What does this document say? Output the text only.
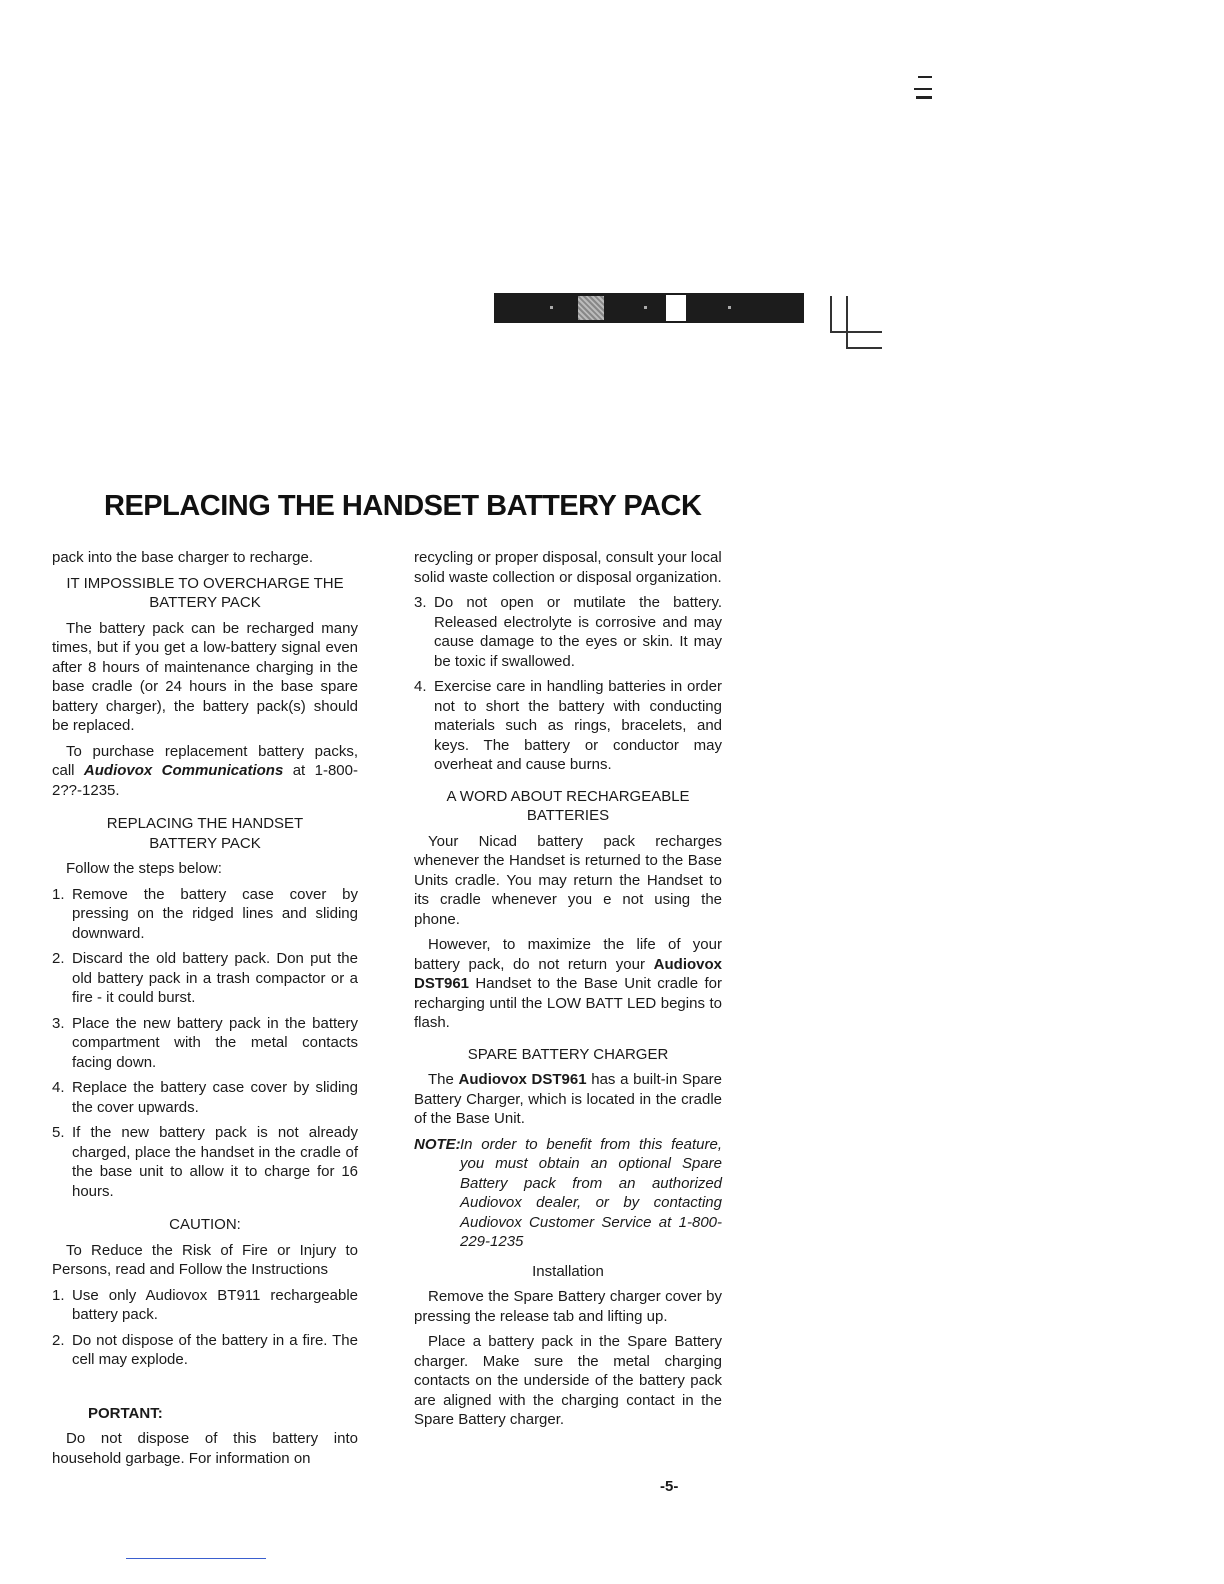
REPLACING THE HANDSET BATTERY PACK

pack into the base charger to recharge.

IT IMPOSSIBLE TO OVERCHARGE THE BATTERY PACK

The battery pack can be recharged many times, but if you get a low-battery signal even after 8 hours of maintenance charging in the base cradle (or 24 hours in the base spare battery charger), the battery pack(s) should be replaced.

To purchase replacement battery packs, call Audiovox Communications at 1-800-2??-1235.

REPLACING THE HANDSET BATTERY PACK

Follow the steps below:

1. Remove the battery case cover by pressing on the ridged lines and sliding downward.
2. Discard the old battery pack. Don put the old battery pack in a trash compactor or a fire - it could burst.
3. Place the new battery pack in the battery compartment with the metal contacts facing down.
4. Replace the battery case cover by sliding the cover upwards.
5. If the new battery pack is not already charged, place the handset in the cradle of the base unit to allow it to charge for 16 hours.
CAUTION:

To Reduce the Risk of Fire or Injury to Persons, read and Follow the Instructions

1. Use only Audiovox BT911 rechargeable battery pack.
2. Do not dispose of the battery in a fire. The cell may explode.
PORTANT:

Do not dispose of this battery into household garbage. For information on

recycling or proper disposal, consult your local solid waste collection or disposal organization.

3. Do not open or mutilate the battery. Released electrolyte is corrosive and may cause damage to the eyes or skin. It may be toxic if swallowed.
4. Exercise care in handling batteries in order not to short the battery with conducting materials such as rings, bracelets, and keys. The battery or conductor may overheat and cause burns.
A WORD ABOUT RECHARGEABLE BATTERIES

Your Nicad battery pack recharges whenever the Handset is returned to the Base Units cradle. You may return the Handset to its cradle whenever you e not using the phone.

However, to maximize the life of your battery pack, do not return your Audiovox DST961 Handset to the Base Unit cradle for recharging until the LOW BATT LED begins to flash.

SPARE BATTERY CHARGER

The Audiovox DST961 has a built-in Spare Battery Charger, which is located in the cradle of the Base Unit.

NOTE: In order to benefit from this feature, you must obtain an optional Spare Battery pack from an authorized Audiovox dealer, or by contacting Audiovox Customer Service at 1-800-229-1235
Installation

Remove the Spare Battery charger cover by pressing the release tab and lifting up.

Place a battery pack in the Spare Battery charger. Make sure the metal charging contacts on the underside of the battery pack are aligned with the charging contact in the Spare Battery charger.

-5-
